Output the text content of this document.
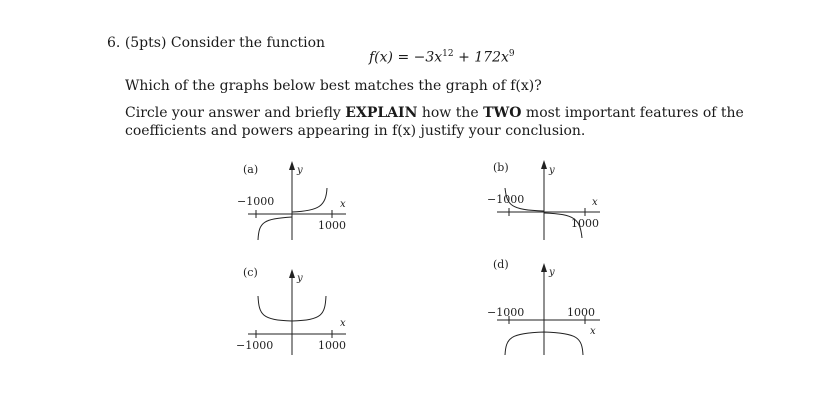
6. (5pts) Consider the function
$f(x) = -3x^{12} + 172x^9$
Which of the graphs below best matches the graph of f(x)?
Circle your answer and briefly EXPLAIN how the TWO most important features of the coefficients and powers appearing in f(x) justify your conclusion.
(a)	y
−1000
1000
x
(b)	y
−1000
1000
x
(c)	y
−1000	1000
x
(d)
y
−1000	1000
x
